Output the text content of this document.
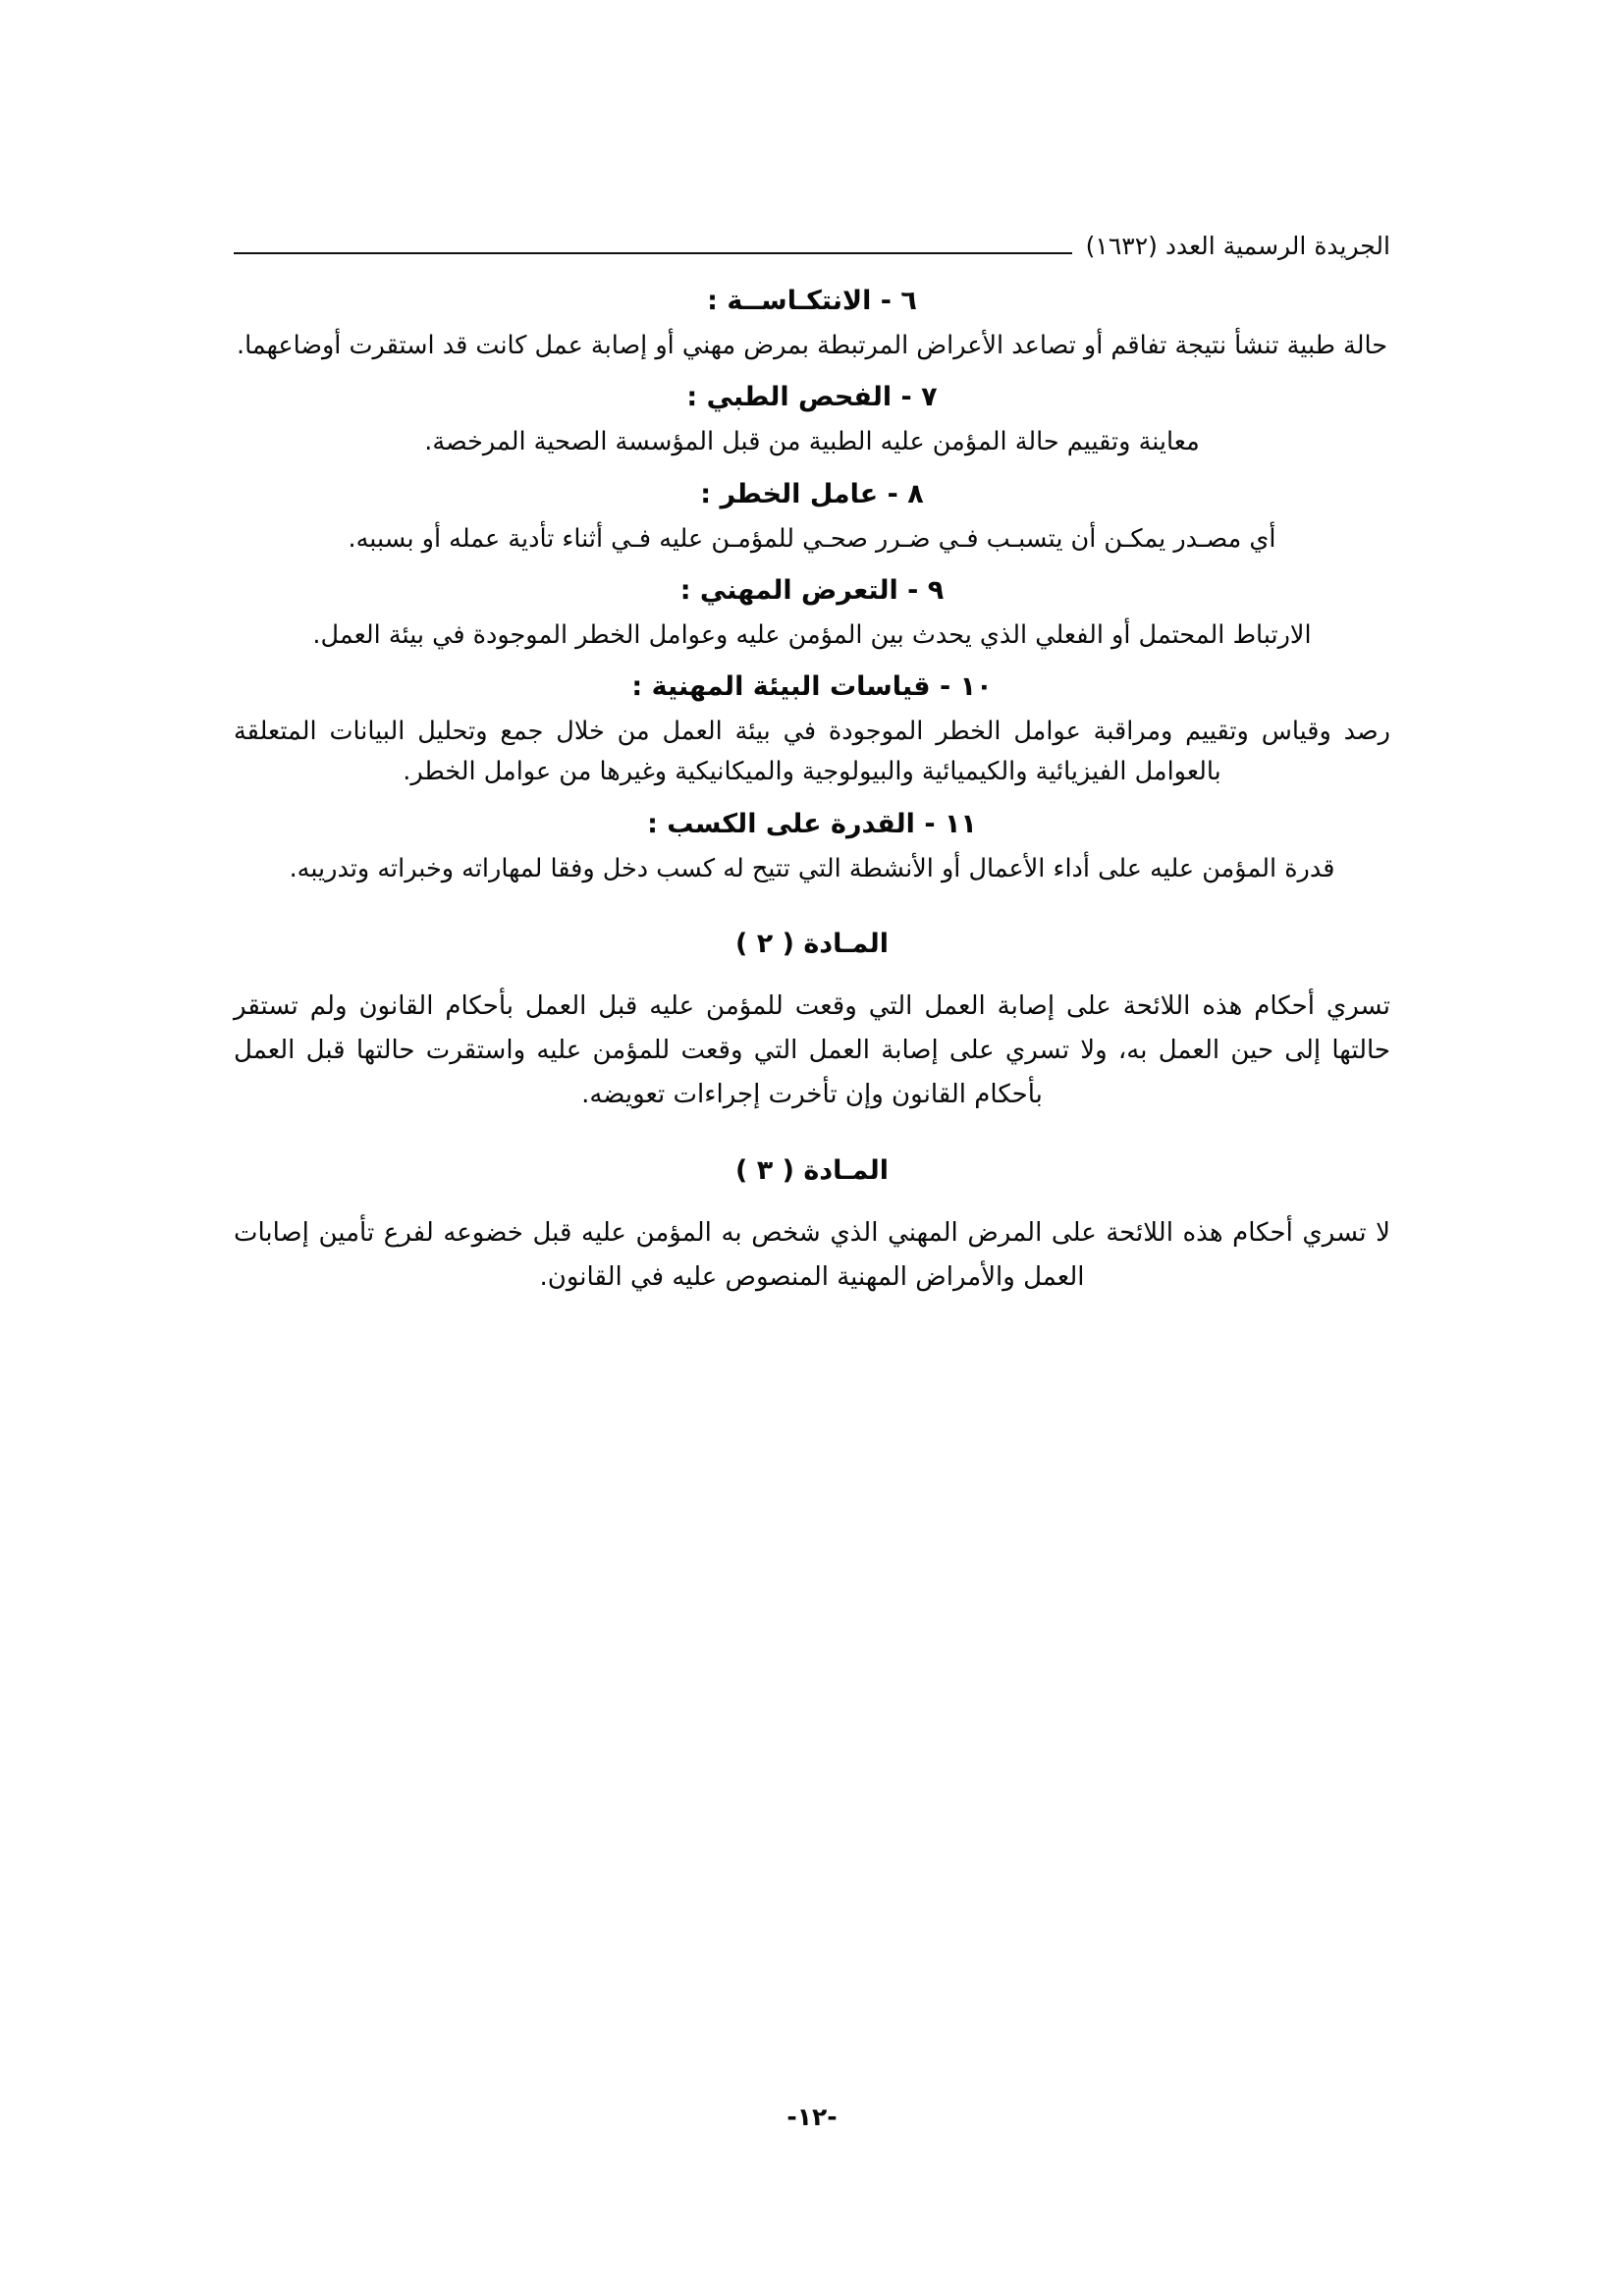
الجريدة الرسمية العدد (١٦٣٢)
٦ - الانتكـاســة :
حالة طبية تنشأ نتيجة تفاقم أو تصاعد الأعراض المرتبطة بمرض مهني أو إصابة عمل كانت قد استقرت أوضاعهما.
٧ - الفحص الطبي :
معاينة وتقييم حالة المؤمن عليه الطبية من قبل المؤسسة الصحية المرخصة.
٨ - عامل الخطر :
أي مصـدر يمكـن أن يتسبـب فـي ضـرر صحـي للمؤمـن عليه فـي أثناء تأدية عمله أو بسببه.
٩ - التعرض المهني :
الارتباط المحتمل أو الفعلي الذي يحدث بين المؤمن عليه وعوامل الخطر الموجودة في بيئة العمل.
١٠ - قياسات البيئة المهنية :
رصد وقياس وتقييم ومراقبة عوامل الخطر الموجودة في بيئة العمل من خلال جمع وتحليل البيانات المتعلقة بالعوامل الفيزيائية والكيميائية والبيولوجية والميكانيكية وغيرها من عوامل الخطر.
١١ - القدرة على الكسب :
قدرة المؤمن عليه على أداء الأعمال أو الأنشطة التي تتيح له كسب دخل وفقا لمهاراته وخبراته وتدريبه.
المـادة ( ٢ )
تسري أحكام هذه اللائحة على إصابة العمل التي وقعت للمؤمن عليه قبل العمل بأحكام القانون ولم تستقر حالتها إلى حين العمل به، ولا تسري على إصابة العمل التي وقعت للمؤمن عليه واستقرت حالتها قبل العمل بأحكام القانون وإن تأخرت إجراءات تعويضه.
المـادة ( ٣ )
لا تسري أحكام هذه اللائحة على المرض المهني الذي شخص به المؤمن عليه قبل خضوعه لفرع تأمين إصابات العمل والأمراض المهنية المنصوص عليه في القانون.
-١٢-
